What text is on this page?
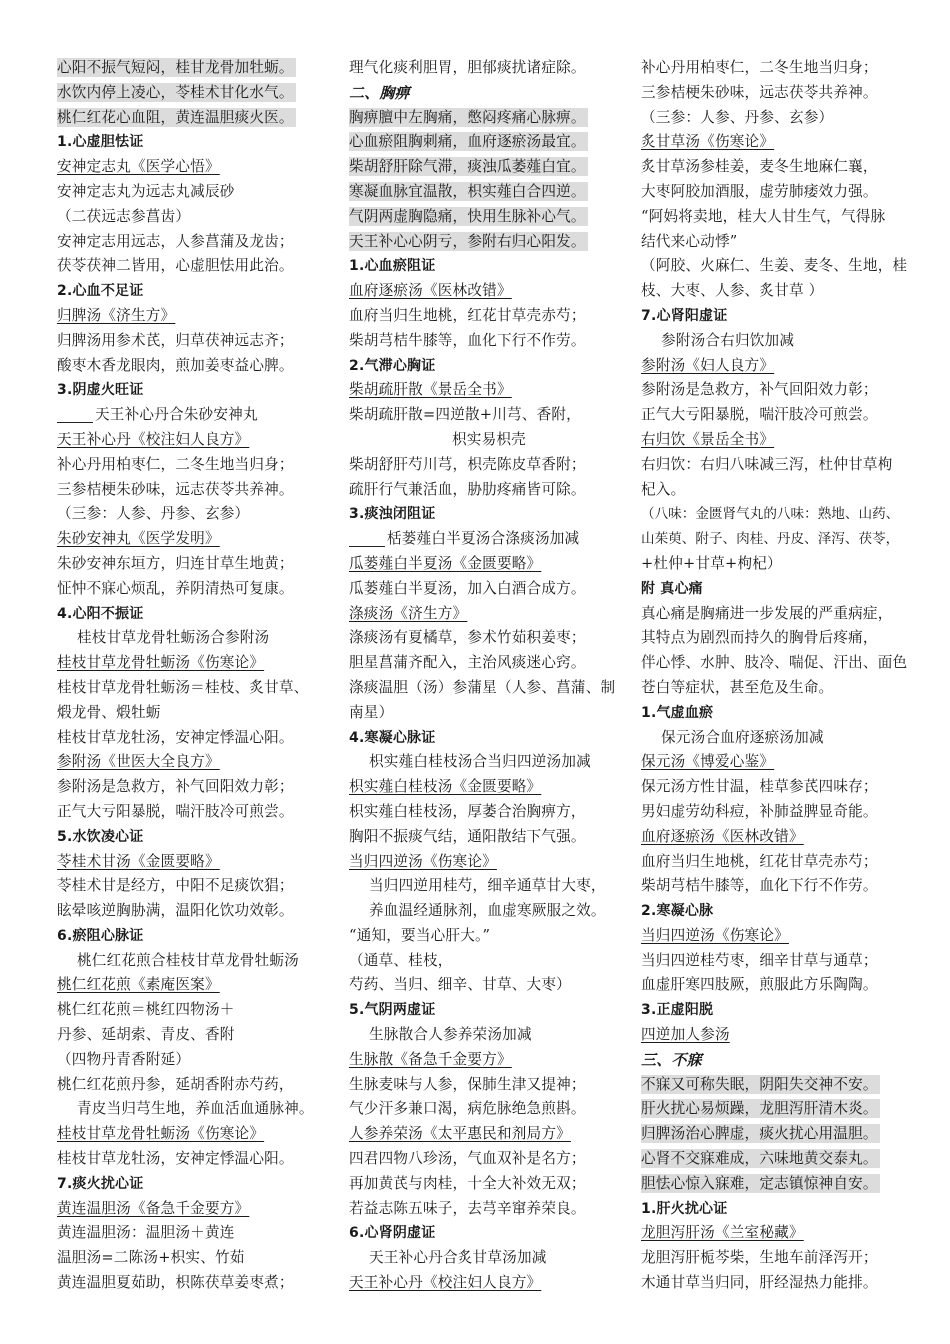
心阳不振气短闷，桂甘龙骨加牡蛎。
水饮内停上凌心，苓桂术甘化水气。
桃仁红花心血阻，黄连温胆痰火医。
1.心虚胆怯证
安神定志丸《医学心悟》
安神定志丸为远志丸减辰砂
（二茯远志参菖齿）
安神定志用远志，人参菖蒲及龙齿；
茯苓茯神二皆用，心虚胆怯用此治。
2.心血不足证
归脾汤《济生方》
归脾汤用参术芪，归草茯神远志齐；
酸枣木香龙眼肉，煎加姜枣益心脾。
3.阴虚火旺证
天王补心丹合朱砂安神丸
天王补心丹《校注妇人良方》
补心丹用柏枣仁，二冬生地当归身；
三参桔梗朱砂味，远志茯苓共养神。
（三参：人参、丹参、玄参）
朱砂安神丸《医学发明》
朱砂安神东垣方，归连甘草生地黄；
怔忡不寐心烦乱，养阴清热可复康。
4.心阳不振证
桂枝甘草龙骨牡蛎汤合参附汤
桂枝甘草龙骨牡蛎汤《伤寒论》
桂枝甘草龙骨牡蛎汤＝桂枝、炙甘草、
煅龙骨、煅牡蛎
桂枝甘草龙牡汤，安神定悸温心阳。
参附汤《世医大全良方》
参附汤是急救方，补气回阳效力彰；
正气大亏阳暴脱，喘汗肢冷可煎尝。
5.水饮凌心证
苓桂术甘汤《金匮要略》
苓桂术甘是经方，中阳不足痰饮猖；
眩晕咳逆胸胁满，温阳化饮功效彰。
6.瘀阻心脉证
桃仁红花煎合桂枝甘草龙骨牡蛎汤
桃仁红花煎《素庵医案》
桃仁红花煎＝桃红四物汤＋
丹参、延胡索、青皮、香附
（四物丹青香附延）
桃仁红花煎丹参，延胡香附赤芍药，
青皮当归芎生地，养血活血通脉神。
桂枝甘草龙骨牡蛎汤《伤寒论》
桂枝甘草龙牡汤，安神定悸温心阳。
7.痰火扰心证
黄连温胆汤《备急千金要方》
黄连温胆汤：温胆汤＋黄连
温胆汤=二陈汤+枳实、竹茹
黄连温胆夏茹助，枳陈茯草姜枣煮；
理气化痰利胆胃，胆郁痰扰诸症除。
二、胸痹
胸痹膻中左胸痛，憋闷疼痛心脉痹。
心血瘀阻胸刺痛，血府逐瘀汤最宜。
柴胡舒肝除气滞，痰浊瓜萎薤白宜。
寒凝血脉宜温散，枳实薤白合四逆。
气阴两虚胸隐痛，快用生脉补心气。
天王补心心阴亏，参附右归心阳发。
1.心血瘀阻证
血府逐瘀汤《医林改错》
血府当归生地桃，红花甘草壳赤芍；
柴胡芎桔牛膝等，血化下行不作劳。
2.气滞心胸证
柴胡疏肝散《景岳全书》
柴胡疏肝散=四逆散+川芎、香附，
枳实易枳壳
柴胡舒肝芍川芎，枳壳陈皮草香附；
疏肝行气兼活血，胁肋疼痛皆可除。
3.痰浊闭阻证
栝蒌薤白半夏汤合涤痰汤加减
瓜蒌薤白半夏汤《金匮要略》
瓜蒌薤白半夏汤，加入白酒合成方。
涤痰汤《济生方》
涤痰汤有夏橘草，参术竹茹积姜枣；
胆星菖蒲齐配入，主治风痰迷心窍。
涤痰温胆（汤）参蒲星（人参、菖蒲、制
南星）
4.寒凝心脉证
枳实薤白桂枝汤合当归四逆汤加减
枳实薤白桂枝汤《金匮要略》
枳实薤白桂枝汤，厚萎合治胸痹方，
胸阳不振痰气结，通阳散结下气强。
当归四逆汤《伤寒论》
当归四逆用桂芍，细辛通草甘大枣，
养血温经通脉剂，血虚寒厥服之效。
“通知，要当心肝大。”
（通草、桂枝，
芍药、当归、细辛、甘草、大枣）
5.气阴两虚证
生脉散合人参养荣汤加减
生脉散《备急千金要方》
生脉麦味与人参，保肺生津又提神；
气少汗多兼口渴，病危脉绝急煎斟。
人参养荣汤《太平惠民和剂局方》
四君四物八珍汤，气血双补是名方；
再加黄芪与肉桂，十全大补效无双；
若益志陈五味子，去芎辛窜养荣良。
6.心肾阴虚证
天王补心丹合炙甘草汤加减
天王补心丹《校注妇人良方》
补心丹用柏枣仁，二冬生地当归身；
三参桔梗朱砂味，远志茯苓共养神。
（三参：人参、丹参、玄参）
炙甘草汤《伤寒论》
炙甘草汤参桂姜，麦冬生地麻仁襄，
大枣阿胶加酒服，虚劳肺痿效力强。
“阿妈将卖地，桂大人甘生气，气得脉
结代来心动悸”
（阿胶、火麻仁、生姜、麦冬、生地，桂
枝、大枣、人参、炙甘草 ）
7.心肾阳虚证
参附汤合右归饮加减
参附汤《妇人良方》
参附汤是急救方，补气回阳效力彰；
正气大亏阳暴脱，喘汗肢冷可煎尝。
右归饮《景岳全书》
右归饮：右归八味减三泻，杜仲甘草枸
杞入。
（八味：金匮肾气丸的八味：熟地、山药、
山茱萸、附子、肉桂、丹皮、泽泻、茯苓，
+杜仲+甘草+枸杞）
附 真心痛
真心痛是胸痛进一步发展的严重病症，
其特点为剧烈而持久的胸骨后疼痛，
伴心悸、水肿、肢冷、喘促、汗出、面色
苍白等症状，甚至危及生命。
1.气虚血瘀
保元汤合血府逐瘀汤加减
保元汤《博爱心鉴》
保元汤方性甘温，桂草参芪四味存；
男妇虚劳幼科痘，补肺益脾显奇能。
血府逐瘀汤《医林改错》
血府当归生地桃，红花甘草壳赤芍；
柴胡芎桔牛膝等，血化下行不作劳。
2.寒凝心脉
当归四逆汤《伤寒论》
当归四逆桂芍枣，细辛甘草与通草；
血虚肝寒四肢厥，煎服此方乐陶陶。
3.正虚阳脱
四逆加人参汤
三、不寐
不寐又可称失眠，阴阳失交神不安。
肝火扰心易烦躁，龙胆泻肝清木炎。
归脾汤治心脾虚，痰火扰心用温胆。
心肾不交寐难成，六味地黄交泰丸。
胆怯心惊入寐难，定志镇惊神自安。
1.肝火扰心证
龙胆泻肝汤《兰室秘藏》
龙胆泻肝栀芩柴，生地车前泽泻开；
木通甘草当归同，肝经湿热力能排。
